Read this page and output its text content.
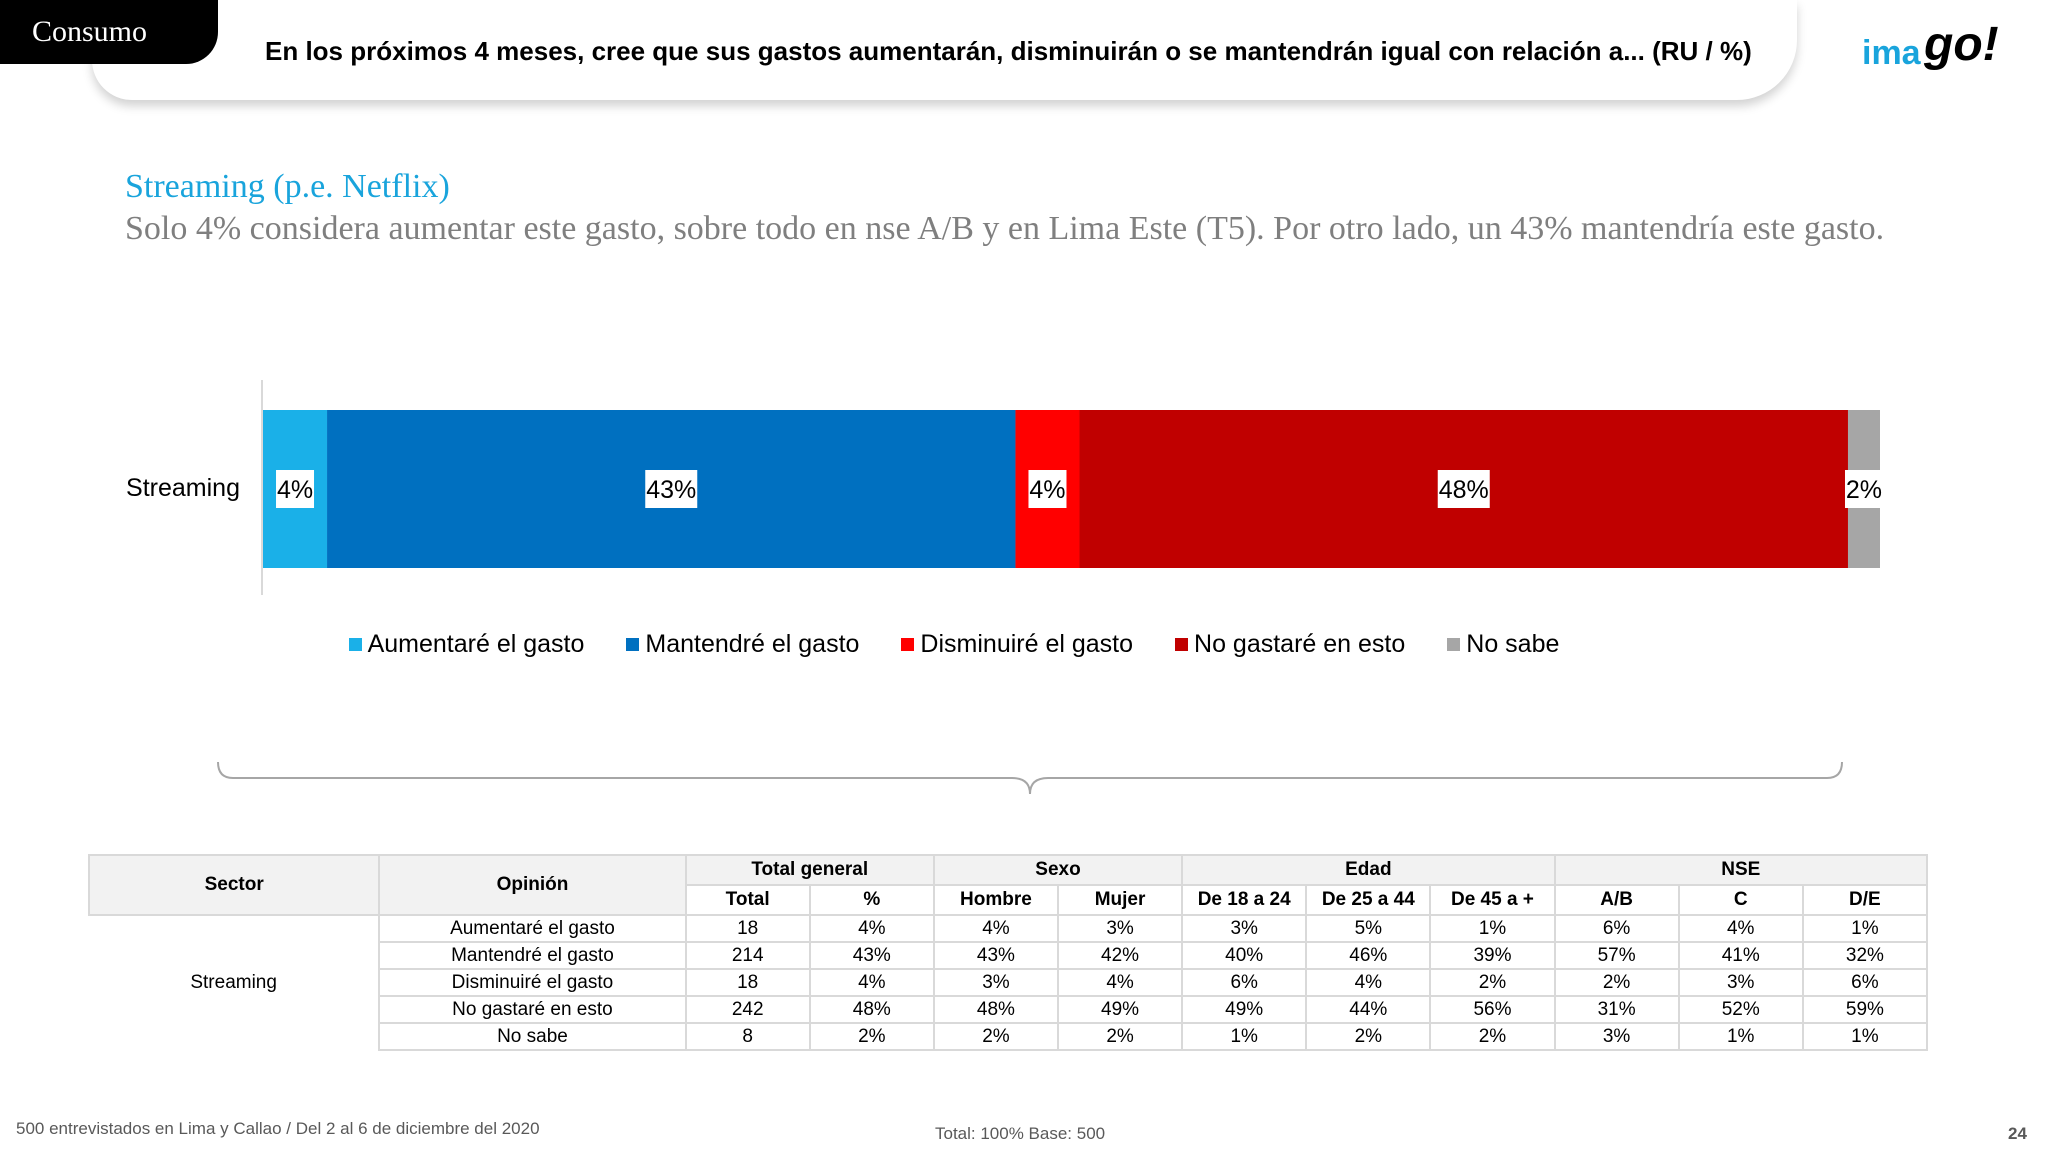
Consumo
En los próximos 4 meses, cree que sus gastos aumentarán, disminuirán o se mantendrán igual con relación a... (RU / %)	ima go!
Streaming (p.e. Netflix)
Solo 4% considera aumentar este gasto, sobre todo en nse A/B y en Lima Este (T5). Por otro lado, un 43% mantendría este gasto.
Streaming 4%	43%	4%	48%	2%
Aumentaré el gasto Mantendré el gasto Disminuiré el gasto No gastaré en esto No sabe
Sector	Opinión	Total general		Sexo		Edad			NSE		
		Total	%	Hombre	Mujer	De 18 a 24	De 25 a 44	De 45 a +	A/B	C	D/E
Streaming	Aumentaré el gasto	18	4%	4%	3%	3%	5%	1%	6%	4%	1%
	Mantendré el gasto	214	43%	43%	42%	40%	46%	39%	57%	41%	32%
	Disminuiré el gasto	18	4%	3%	4%	6%	4%	2%	2%	3%	6%
	No gastaré en esto	242	48%	48%	49%	49%	44%	56%	31%	52%	59%
	No sabe	8	2%	2%	2%	1%	2%	2%	3%	1%	1%
500 entrevistados en Lima y Callao / Del 2 al 6 de diciembre del 2020	Total: 100% Base: 500	24
